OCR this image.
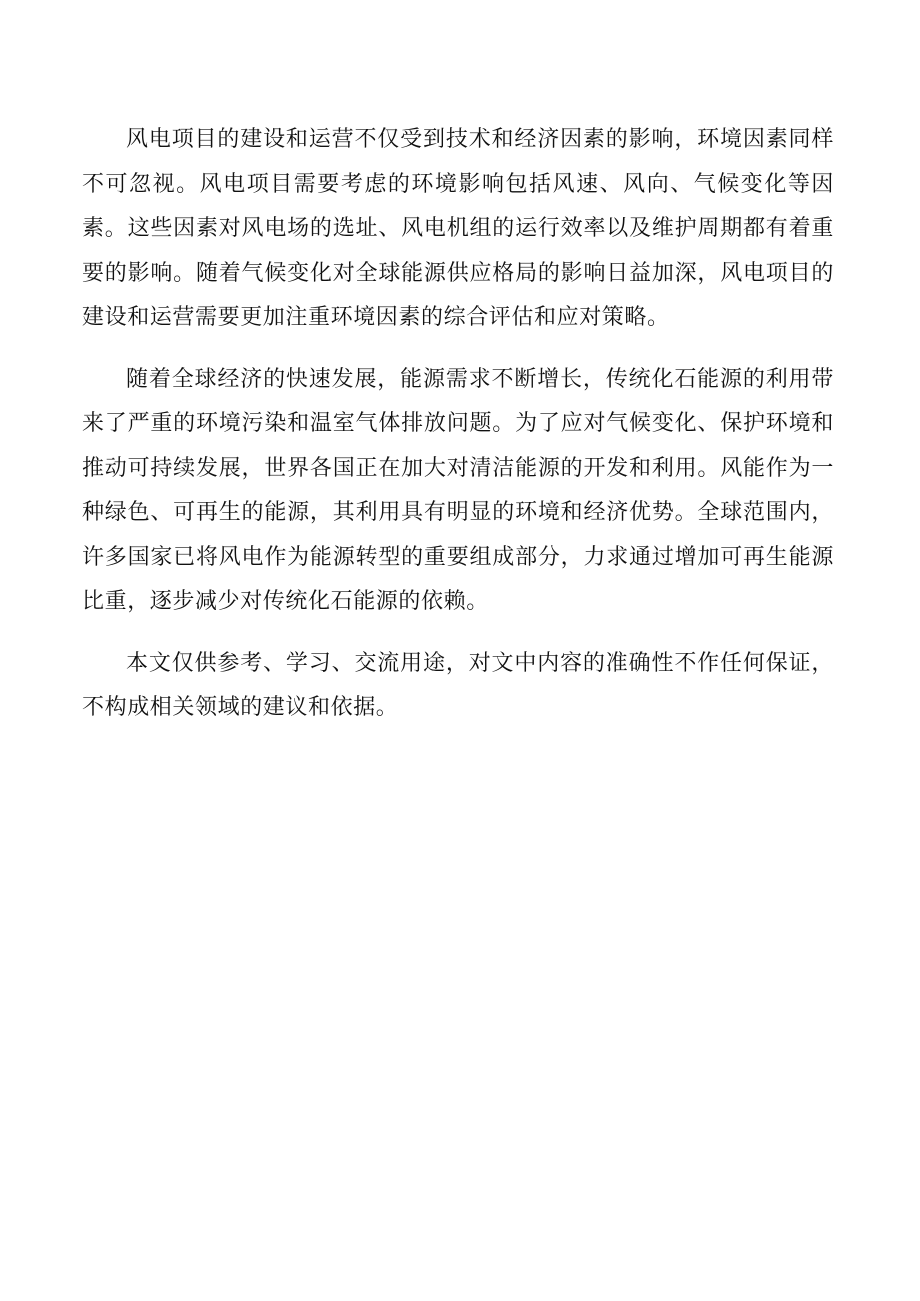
风电项目的建设和运营不仅受到技术和经济因素的影响，环境因素同样不可忽视。风电项目需要考虑的环境影响包括风速、风向、气候变化等因素。这些因素对风电场的选址、风电机组的运行效率以及维护周期都有着重要的影响。随着气候变化对全球能源供应格局的影响日益加深，风电项目的建设和运营需要更加注重环境因素的综合评估和应对策略。

随着全球经济的快速发展，能源需求不断增长，传统化石能源的利用带来了严重的环境污染和温室气体排放问题。为了应对气候变化、保护环境和推动可持续发展，世界各国正在加大对清洁能源的开发和利用。风能作为一种绿色、可再生的能源，其利用具有明显的环境和经济优势。全球范围内，许多国家已将风电作为能源转型的重要组成部分，力求通过增加可再生能源比重，逐步减少对传统化石能源的依赖。

本文仅供参考、学习、交流用途，对文中内容的准确性不作任何保证，不构成相关领域的建议和依据。
